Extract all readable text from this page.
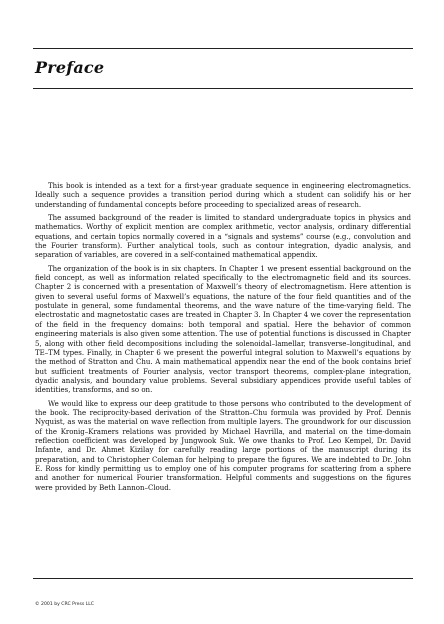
Preface

This book is intended as a text for a first-year graduate sequence in engineering electromagnetics. Ideally such a sequence provides a transition period during which a student can solidify his or her understanding of fundamental concepts before proceeding to specialized areas of research.

The assumed background of the reader is limited to standard undergraduate topics in physics and mathematics. Worthy of explicit mention are complex arithmetic, vector analysis, ordinary differential equations, and certain topics normally covered in a “signals and systems” course (e.g., convolution and the Fourier transform). Further analytical tools, such as contour integration, dyadic analysis, and separation of variables, are covered in a self-contained mathematical appendix.

The organization of the book is in six chapters. In Chapter 1 we present essential background on the field concept, as well as information related specifically to the electromagnetic field and its sources. Chapter 2 is concerned with a presentation of Maxwell’s theory of electromagnetism. Here attention is given to several useful forms of Maxwell’s equations, the nature of the four field quantities and of the postulate in general, some fundamental theorems, and the wave nature of the time-varying field. The electrostatic and magnetostatic cases are treated in Chapter 3. In Chapter 4 we cover the representation of the field in the frequency domains: both temporal and spatial. Here the behavior of common engineering materials is also given some attention. The use of potential functions is discussed in Chapter 5, along with other field decompositions including the solenoidal–lamellar, transverse–longitudinal, and TE–TM types. Finally, in Chapter 6 we present the powerful integral solution to Maxwell’s equations by the method of Stratton and Chu. A main mathematical appendix near the end of the book contains brief but sufficient treatments of Fourier analysis, vector transport theorems, complex-plane integration, dyadic analysis, and boundary value problems. Several subsidiary appendices provide useful tables of identities, transforms, and so on.

We would like to express our deep gratitude to those persons who contributed to the development of the book. The reciprocity-based derivation of the Stratton–Chu formula was provided by Prof. Dennis Nyquist, as was the material on wave reflection from multiple layers. The groundwork for our discussion of the Kronig–Kramers relations was provided by Michael Havrilla, and material on the time-domain reflection coefficient was developed by Jungwook Suk. We owe thanks to Prof. Leo Kempel, Dr. David Infante, and Dr. Ahmet Kizilay for carefully reading large portions of the manuscript during its preparation, and to Christopher Coleman for helping to prepare the figures. We are indebted to Dr. John E. Ross for kindly permitting us to employ one of his computer programs for scattering from a sphere and another for numerical Fourier transformation. Helpful comments and suggestions on the figures were provided by Beth Lannon–Cloud.

© 2001 by CRC Press LLC
